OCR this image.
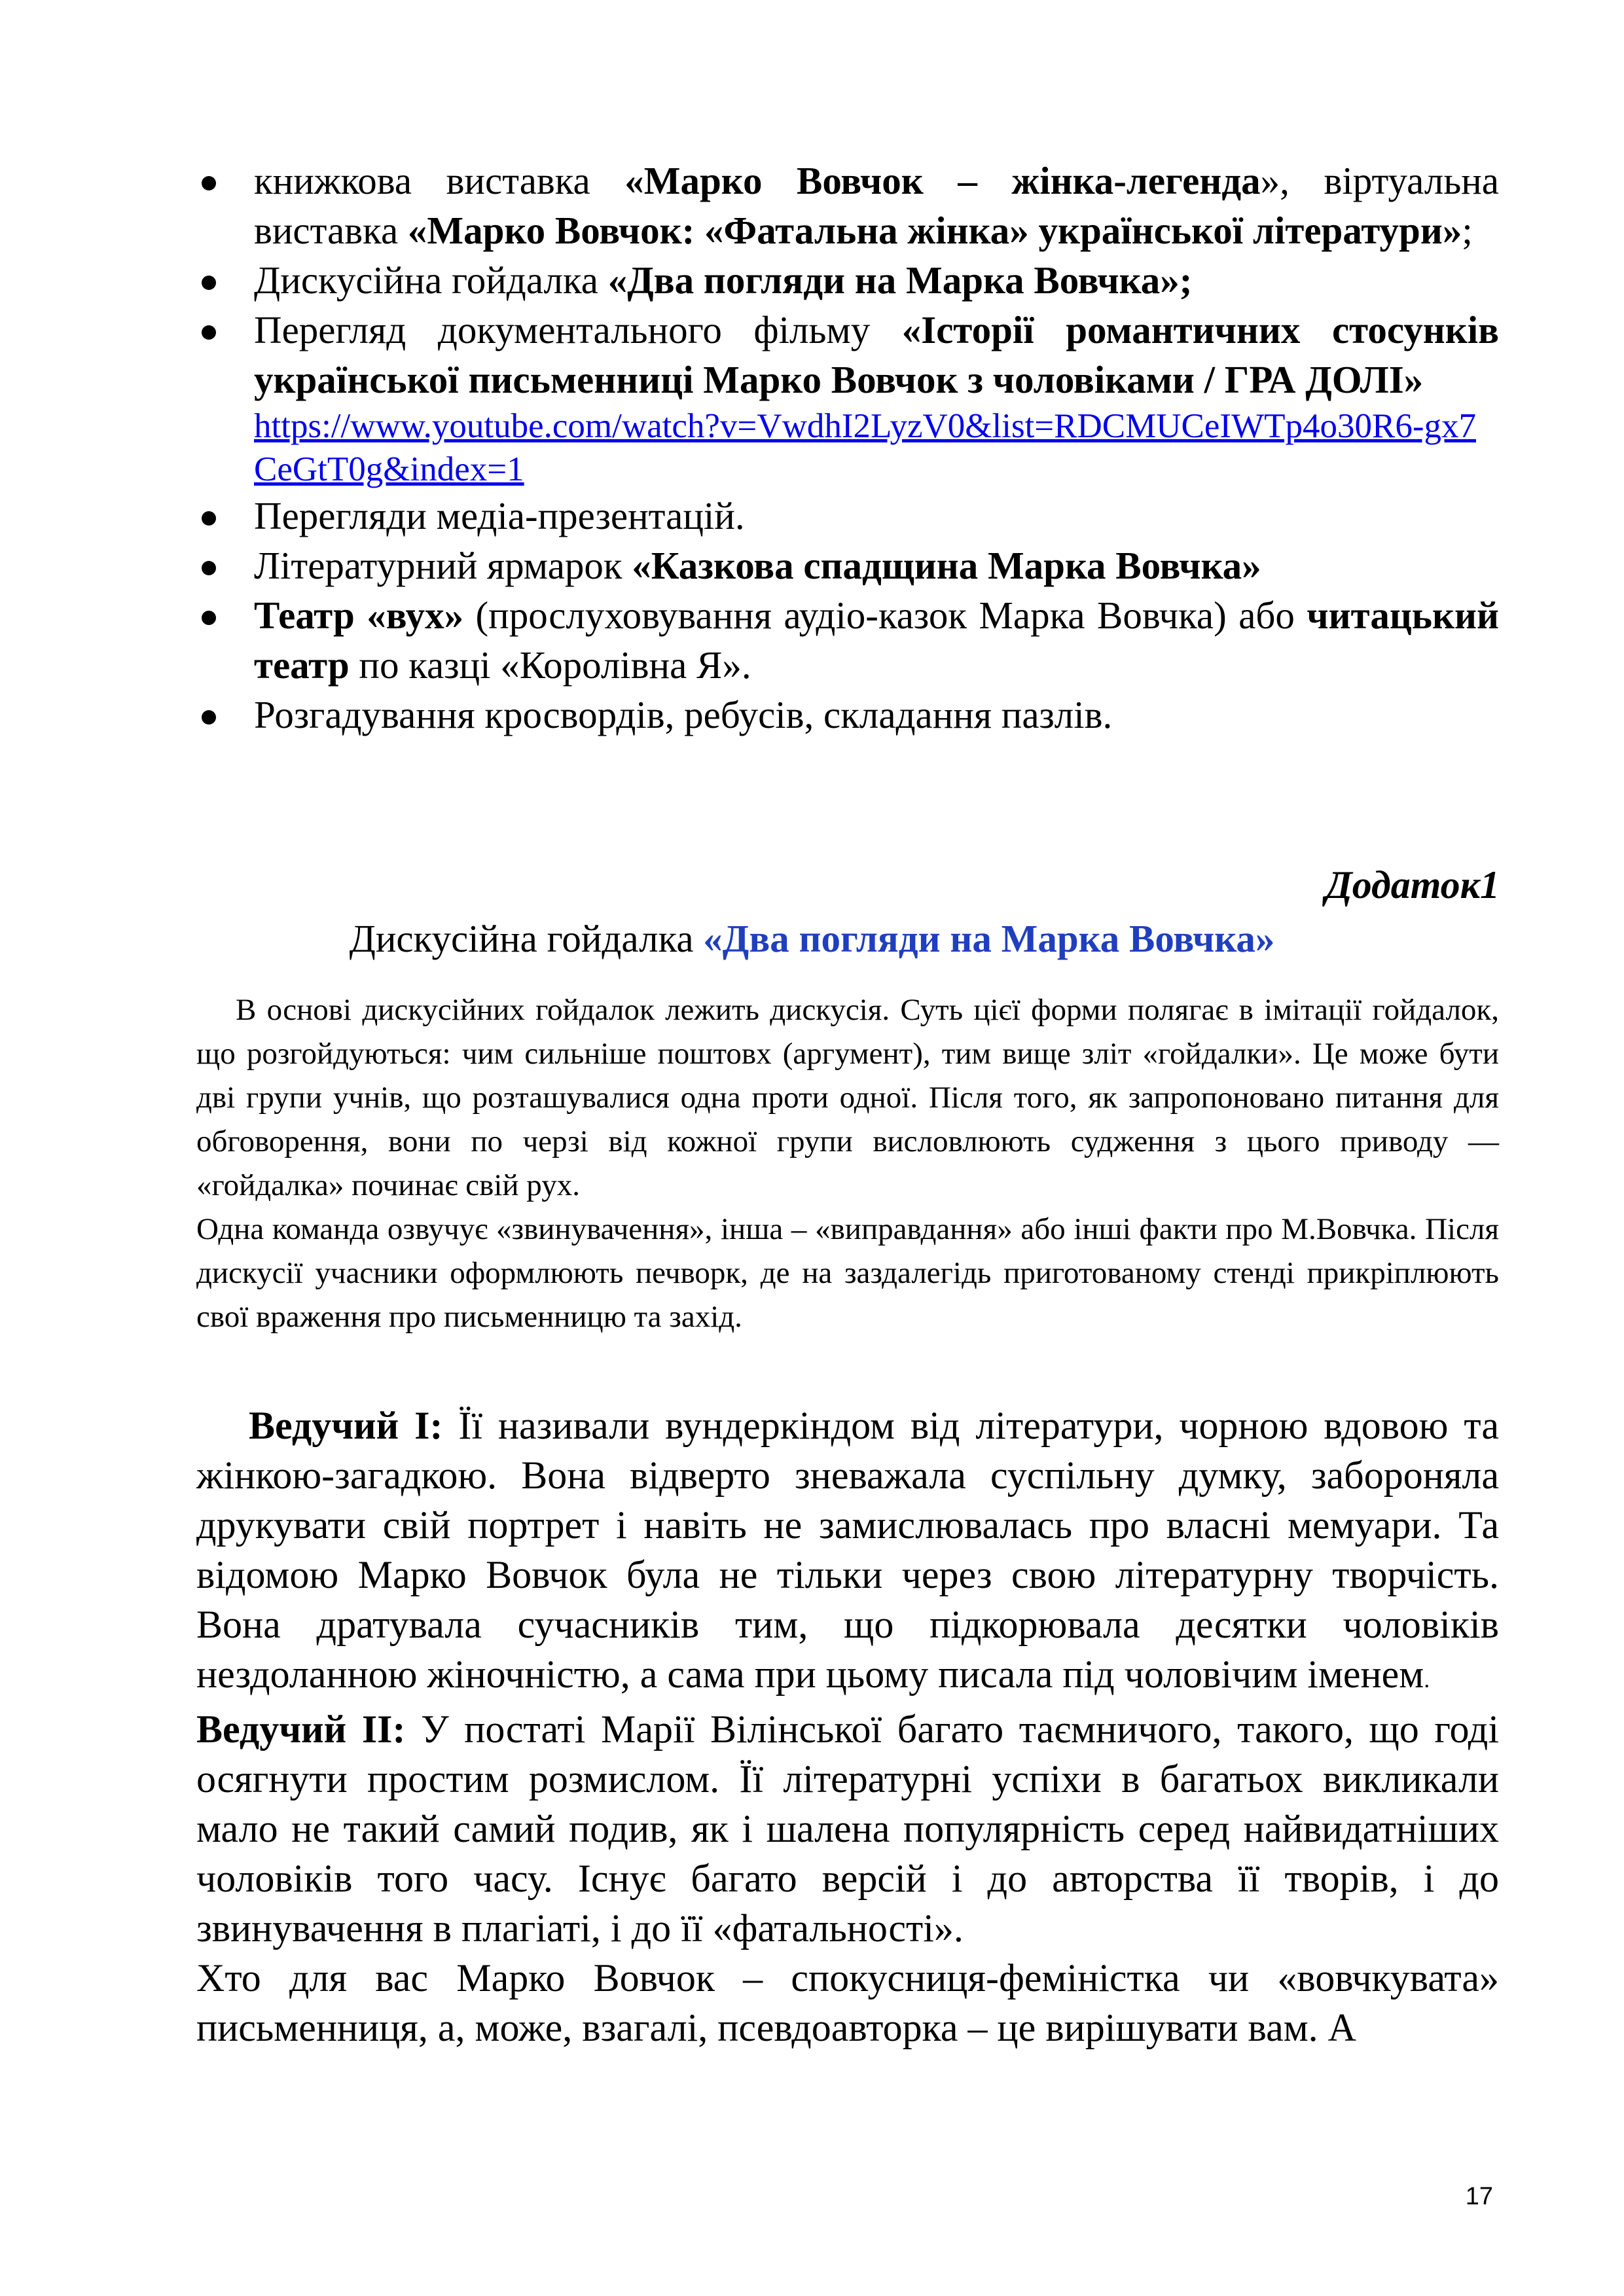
книжкова виставка «Марко Вовчок – жінка-легенда», віртуальна виставка «Марко Вовчок: «Фатальна жінка» української літератури»;
Дискусійна гойдалка «Два погляди на Марка Вовчка»;
Перегляд документального фільму «Історії романтичних стосунків української письменниці Марко Вовчок з чоловіками / ГРА ДОЛІ»
https://www.youtube.com/watch?v=VwdhI2LyzV0&list=RDCMUCeIWTp4o30R6-gx7CeGtT0g&index=1
Перегляди медіа-презентацій.
Літературний ярмарок «Казкова спадщина Марка Вовчка»
Театр «вух» (прослуховування аудіо-казок Марка Вовчка) або читацький театр по казці «Королівна Я».
Розгадування кросвордів, ребусів, складання пазлів.
Додаток1
Дискусійна гойдалка «Два погляди на Марка Вовчка»

В основі дискусійних гойдалок лежить дискусія. Суть цієї форми полягає в імітації гойдалок, що розгойдуються: чим сильніше поштовх (аргумент), тим вище зліт «гойдалки». Це може бути дві групи учнів, що розташувалися одна проти одної. Після того, як запропоновано питання для обговорення, вони по черзі від кожної групи висловлюють судження з цього приводу — «гойдалка» починає свій рух.

Одна команда озвучує «звинувачення», інша – «виправдання» або інші факти про М.Вовчка. Після дискусії учасники оформлюють печворк, де на заздалегідь приготованому стенді прикріплюють свої враження про письменницю та захід.

Ведучий І: Її називали вундеркіндом від літератури, чорною вдовою та жінкою-загадкою. Вона відверто зневажала суспільну думку, забороняла друкувати свій портрет і навіть не замислювалась про власні мемуари. Та відомою Марко Вовчок була не тільки через свою літературну творчість. Вона дратувала сучасників тим, що підкорювала десятки чоловіків нездоланною жіночністю, а сама при цьому писала під чоловічим іменем.

Ведучий ІІ: У постаті Марії Вілінської багато таємничого, такого, що годі осягнути простим розмислом. Її літературні успіхи в багатьох викликали мало не такий самий подив, як і шалена популярність серед найвидатніших чоловіків того часу. Існує багато версій і до авторства її творів, і до звинувачення в плагіаті, і до її «фатальності».

Хто для вас Марко Вовчок – спокусниця-феміністка чи «вовчкувата» письменниця, а, може, взагалі, псевдоавторка – це вирішувати вам. А

17
